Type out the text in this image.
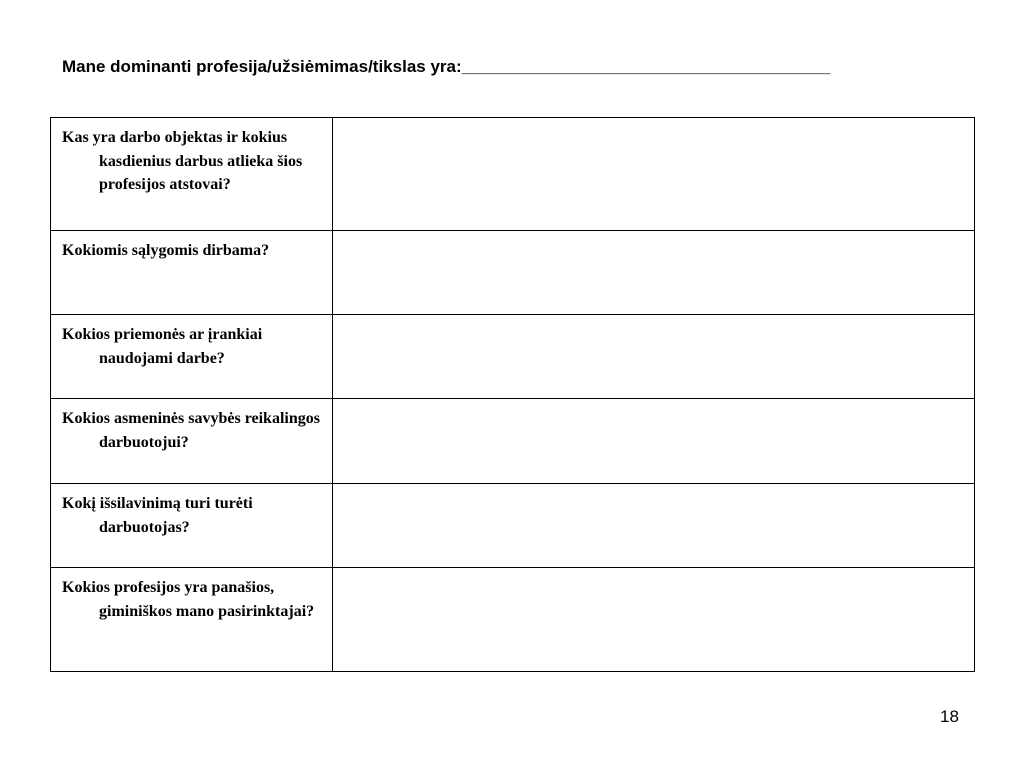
Mane dominanti profesija/užsiėmimas/tikslas yra:_______________________________________
Kas yra darbo objektas ir kokius kasdienius darbus atlieka šios profesijos atstovai?	

Kokiomis sąlygomis dirbama?	

Kokios priemonės ar įrankiai naudojami darbe?	

Kokios asmeninės savybės reikalingos darbuotojui?	

Kokį išsilavinimą turi turėti darbuotojas?	

Kokios profesijos yra panašios, giminiškos mano pasirinktajai?	

18
